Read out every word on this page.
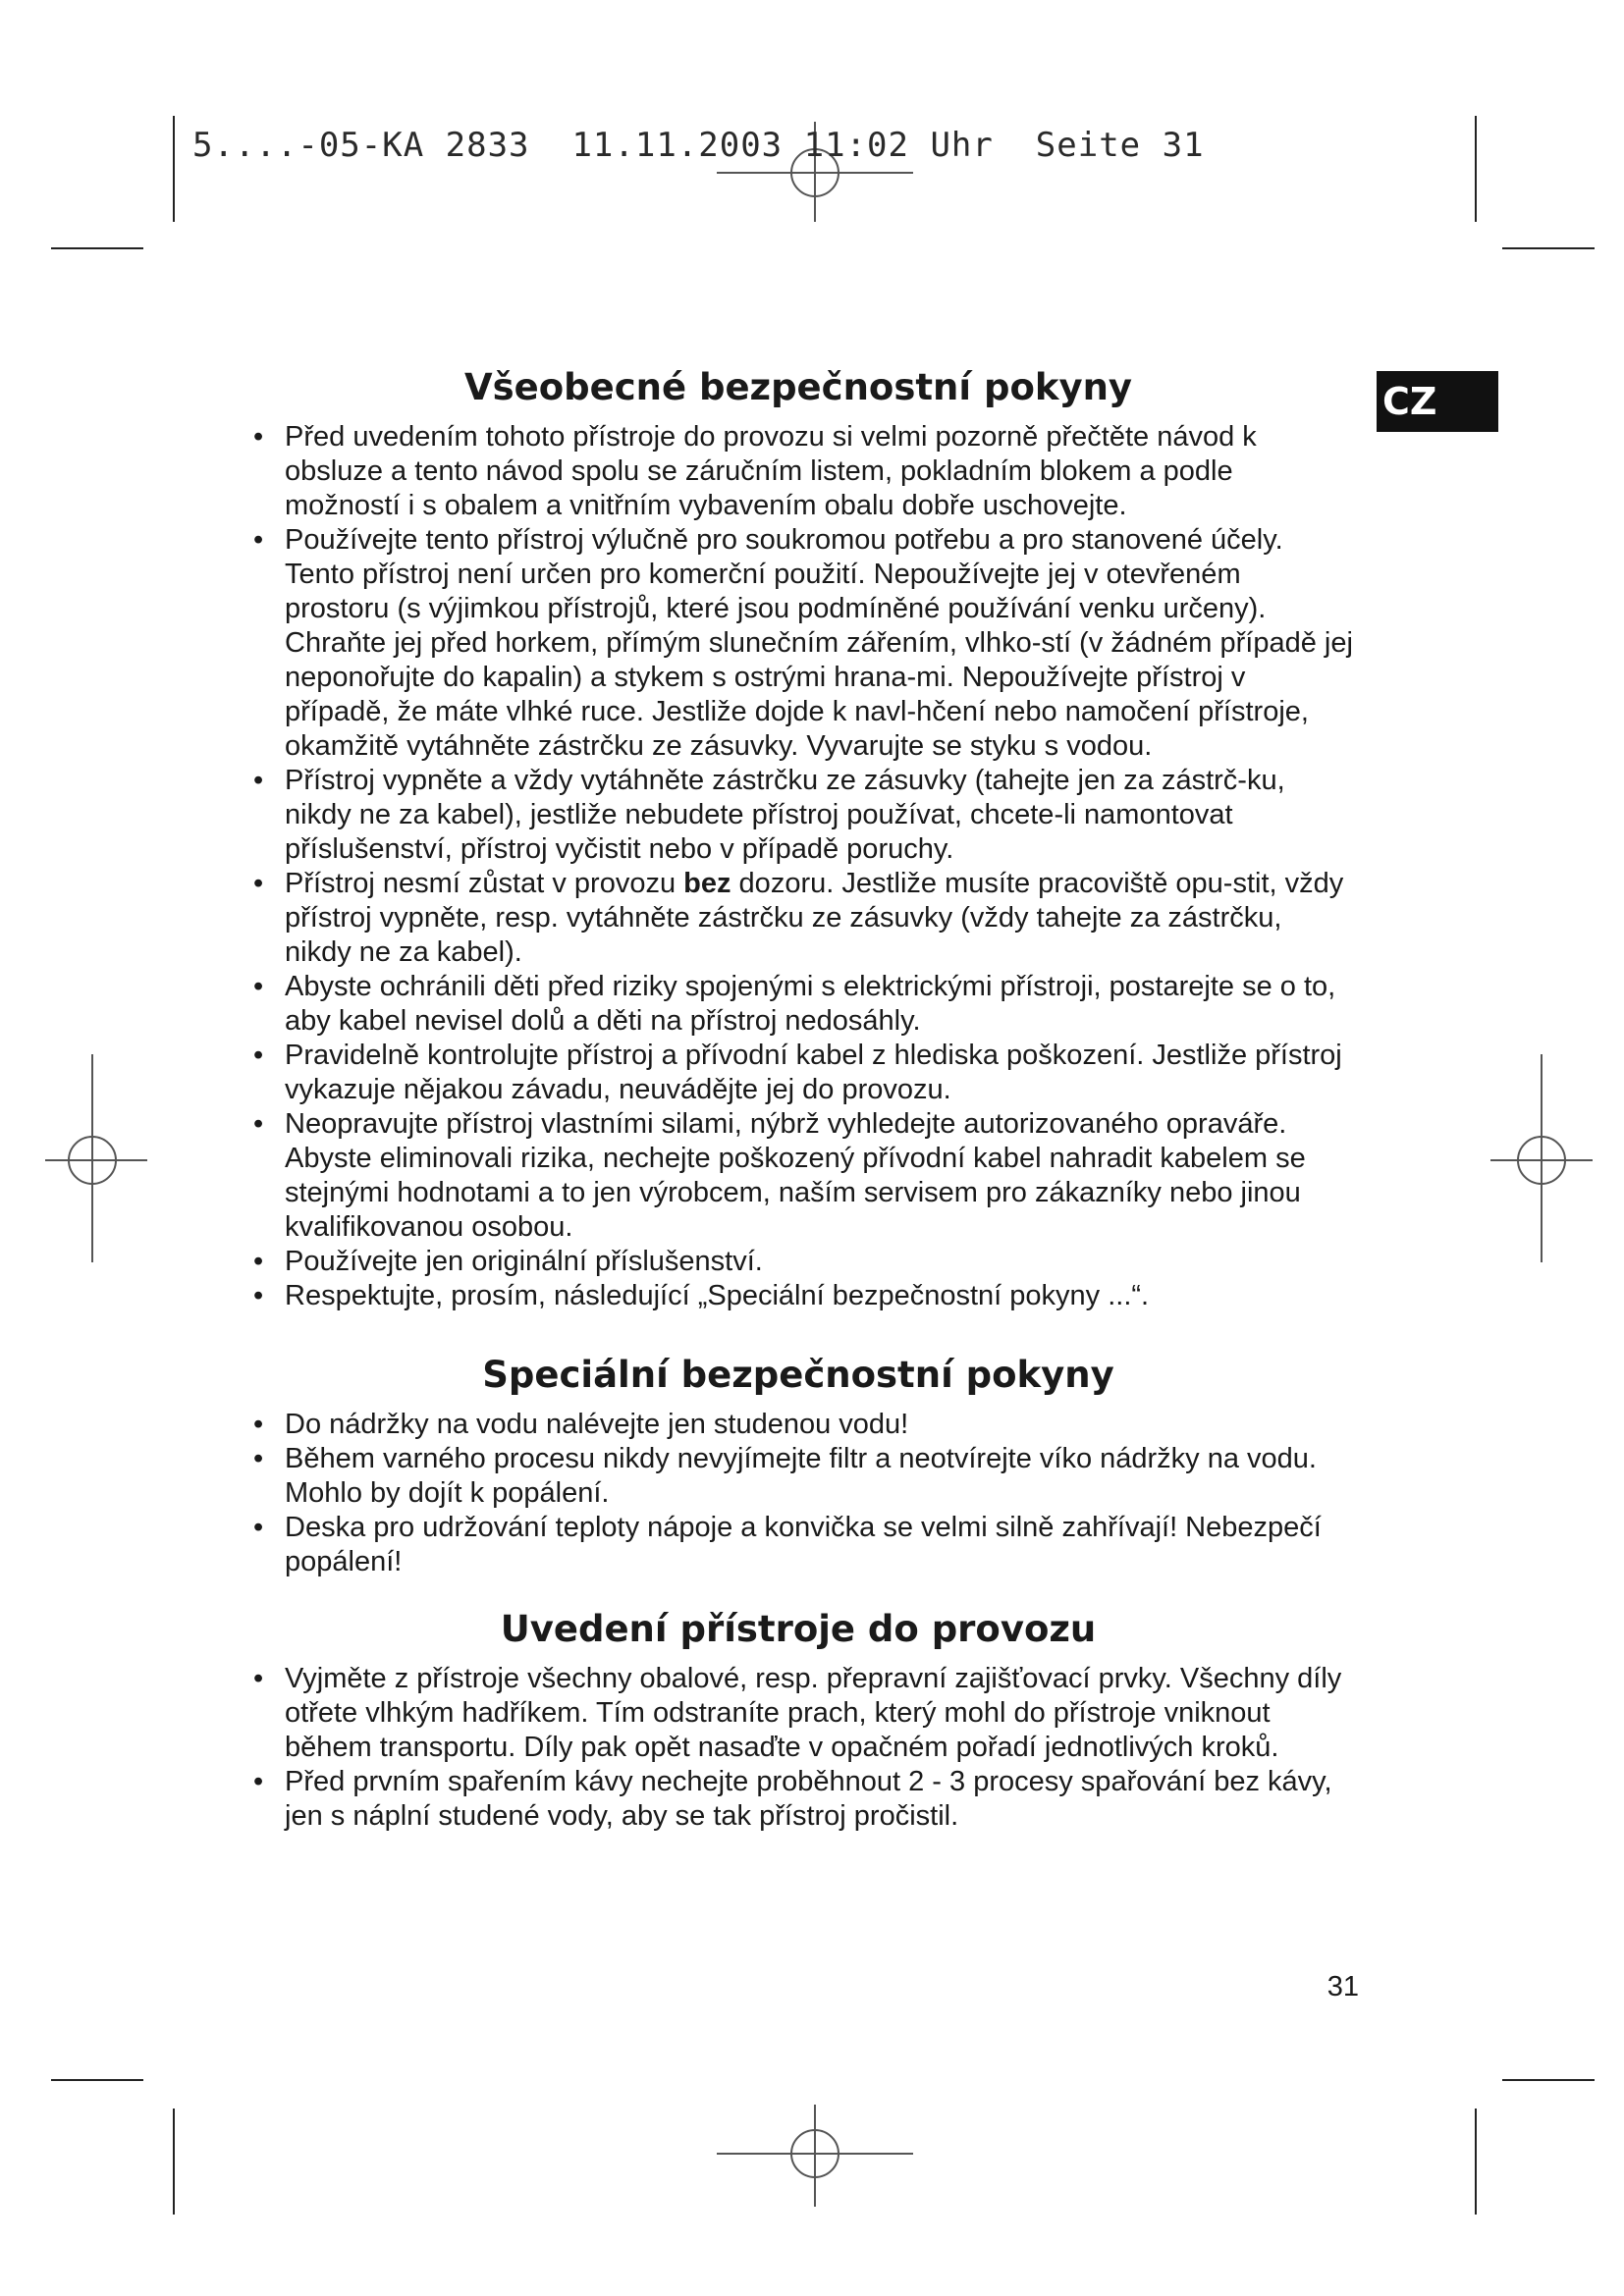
5....-05-KA 2833  11.11.2003 11:02 Uhr  Seite 31
CZ
Všeobecné bezpečnostní pokyny
• Před uvedením tohoto přístroje do provozu si velmi pozorně přečtěte návod k obsluze a tento návod spolu se záručním listem, pokladním blokem a podle možností i s obalem a vnitřním vybavením obalu dobře uschovejte.
• Používejte tento přístroj výlučně pro soukromou potřebu a pro stanovené účely. Tento přístroj není určen pro komerční použití. Nepoužívejte jej v otevřeném prostoru (s výjimkou přístrojů, které jsou podmíněné používání venku určeny). Chraňte jej před horkem, přímým slunečním zářením, vlhko-stí (v žádném případě jej neponořujte do kapalin) a stykem s ostrými hrana-mi. Nepoužívejte přístroj v případě, že máte vlhké ruce. Jestliže dojde k navl-hčení nebo namočení přístroje, okamžitě vytáhněte zástrčku ze zásuvky. Vyvarujte se styku s vodou.
• Přístroj vypněte a vždy vytáhněte zástrčku ze zásuvky (tahejte jen za zástrč-ku, nikdy ne za kabel), jestliže nebudete přístroj používat, chcete-li namontovat příslušenství, přístroj vyčistit nebo v případě poruchy.
• Přístroj nesmí zůstat v provozu bez dozoru. Jestliže musíte pracoviště opu-stit, vždy přístroj vypněte, resp. vytáhněte zástrčku ze zásuvky (vždy tahejte za zástrčku, nikdy ne za kabel).
• Abyste ochránili děti před riziky spojenými s elektrickými přístroji, postarejte se o to, aby kabel nevisel dolů a děti na přístroj nedosáhly.
• Pravidelně kontrolujte přístroj a přívodní kabel z hlediska poškození. Jestliže přístroj vykazuje nějakou závadu, neuvádějte jej do provozu.
• Neopravujte přístroj vlastními silami, nýbrž vyhledejte autorizovaného opraváře. Abyste eliminovali rizika, nechejte poškozený přívodní kabel nahradit kabelem se stejnými hodnotami a to jen výrobcem, naším servisem pro zákazníky nebo jinou kvalifikovanou osobou.
• Používejte jen originální příslušenství.
• Respektujte, prosím, následující „Speciální bezpečnostní pokyny ...“.
Speciální bezpečnostní pokyny
• Do nádržky na vodu nalévejte jen studenou vodu!
• Během varného procesu nikdy nevyjímejte filtr a neotvírejte víko nádržky na vodu. Mohlo by dojít k popálení.
• Deska pro udržování teploty nápoje a konvička se velmi silně zahřívají! Nebezpečí popálení!
Uvedení přístroje do provozu
• Vyjměte z přístroje všechny obalové, resp. přepravní zajišťovací prvky. Všechny díly otřete vlhkým hadříkem. Tím odstraníte prach, který mohl do přístroje vniknout během transportu. Díly pak opět nasaďte v opačném pořadí jednotlivých kroků.
• Před prvním spařením kávy nechejte proběhnout 2 - 3 procesy spařování bez kávy, jen s náplní studené vody, aby se tak přístroj pročistil.
31
